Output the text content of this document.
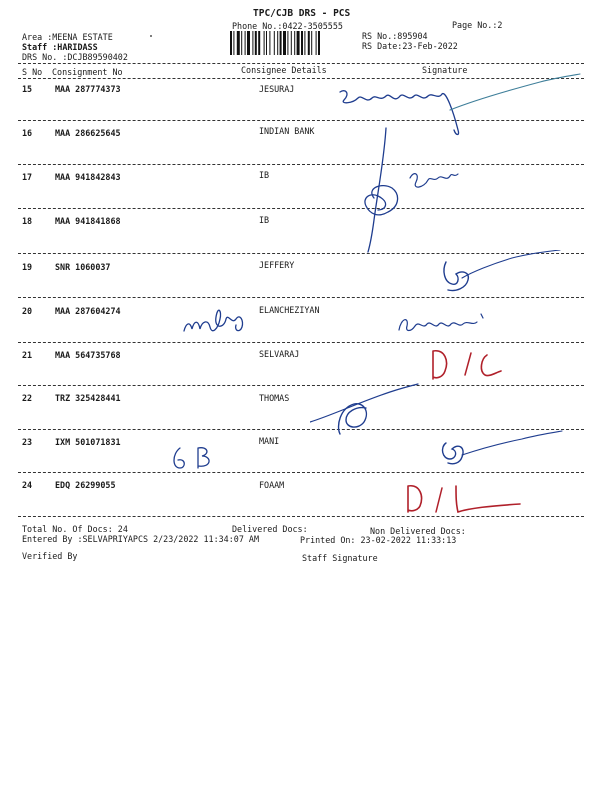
TPC/CJB DRS - PCS
Phone No.:0422-3505555	Page No.:2
Area :MEENA ESTATE
Staff :HARIDASS
DRS No. :DCJB89590402
RS No.:895904
RS Date:23-Feb-2022
S No Consignment No	Consignee Details	Signature
15	MAA 287774373	JESURAJ
16	MAA 286625645	INDIAN BANK
17	MAA 941842843	IB
18	MAA 941841868	IB
19	SNR 1060037	JEFFERY
20	MAA 287604274	ELANCHEZIYAN
21	MAA 564735768	SELVARAJ
22	TRZ 325428441	THOMAS
23	IXM 501071831	MANI
24	EDQ 26299055	FOAAM
Total No. Of Docs: 24	Delivered Docs:	Non Delivered Docs:
Entered By :SELVAPRIYAPCS 2/23/2022 11:34:07 AM	Printed On: 23-02-2022 11:33:13
Verified By	Staff Signature
